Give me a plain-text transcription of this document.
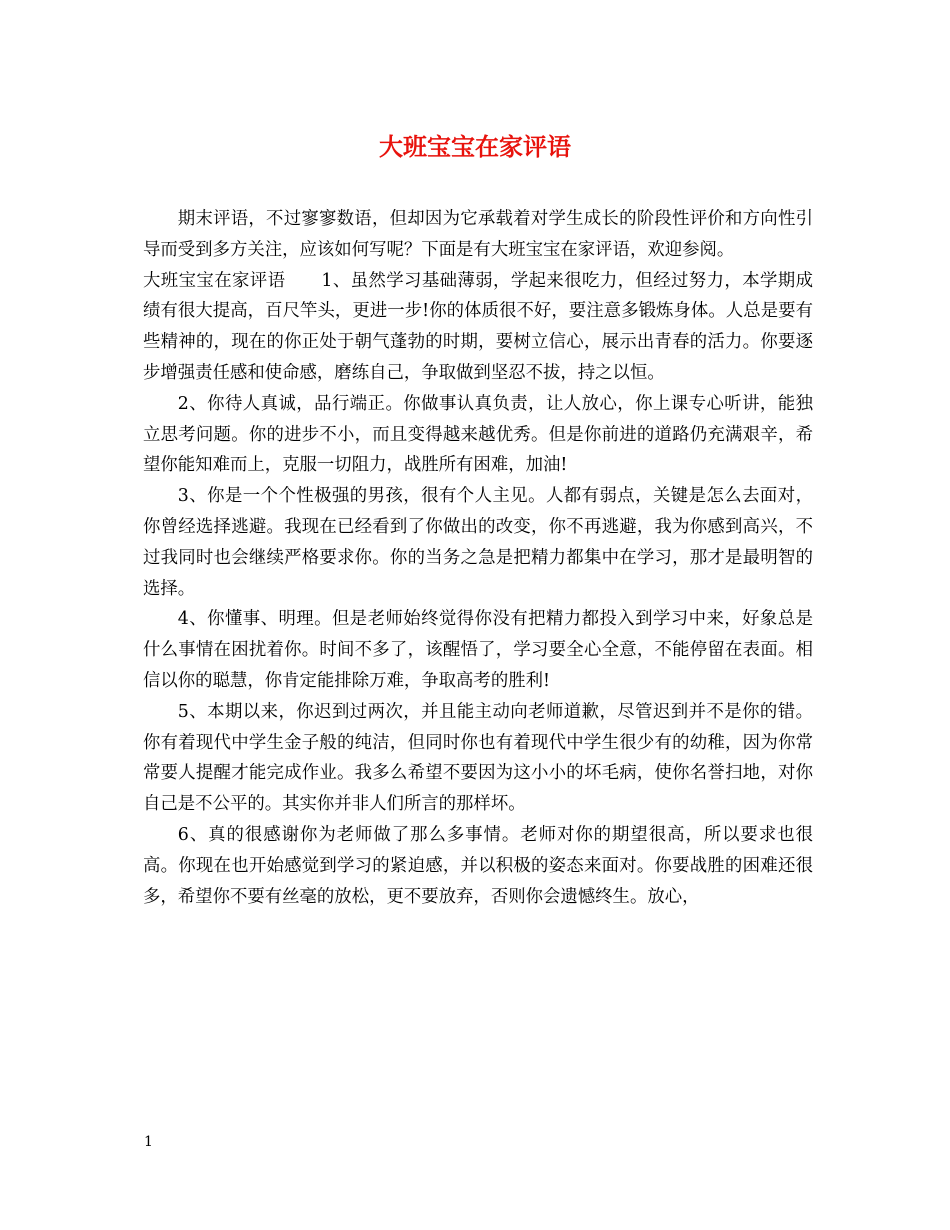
大班宝宝在家评语

期末评语，不过寥寥数语，但却因为它承载着对学生成长的阶段性评价和方向性引导而受到多方关注，应该如何写呢？下面是有大班宝宝在家评语，欢迎参阅。

大班宝宝在家评语 1、虽然学习基础薄弱，学起来很吃力，但经过努力，本学期成绩有很大提高，百尺竿头，更进一步!你的体质很不好，要注意多锻炼身体。人总是要有些精神的，现在的你正处于朝气蓬勃的时期，要树立信心，展示出青春的活力。你要逐步增强责任感和使命感，磨练自己，争取做到坚忍不拔，持之以恒。

2、你待人真诚，品行端正。你做事认真负责，让人放心，你上课专心听讲，能独立思考问题。你的进步不小，而且变得越来越优秀。但是你前进的道路仍充满艰辛，希望你能知难而上，克服一切阻力，战胜所有困难，加油!

3、你是一个个性极强的男孩，很有个人主见。人都有弱点，关键是怎么去面对，你曾经选择逃避。我现在已经看到了你做出的改变，你不再逃避，我为你感到高兴，不过我同时也会继续严格要求你。你的当务之急是把精力都集中在学习，那才是最明智的选择。

4、你懂事、明理。但是老师始终觉得你没有把精力都投入到学习中来，好象总是什么事情在困扰着你。时间不多了，该醒悟了，学习要全心全意，不能停留在表面。相信以你的聪慧，你肯定能排除万难，争取高考的胜利!

5、本期以来，你迟到过两次，并且能主动向老师道歉，尽管迟到并不是你的错。你有着现代中学生金子般的纯洁，但同时你也有着现代中学生很少有的幼稚，因为你常常要人提醒才能完成作业。我多么希望不要因为这小小的坏毛病，使你名誉扫地，对你自己是不公平的。其实你并非人们所言的那样坏。

6、真的很感谢你为老师做了那么多事情。老师对你的期望很高，所以要求也很高。你现在也开始感觉到学习的紧迫感，并以积极的姿态来面对。你要战胜的困难还很多，希望你不要有丝毫的放松，更不要放弃，否则你会遗憾终生。放心，

1
